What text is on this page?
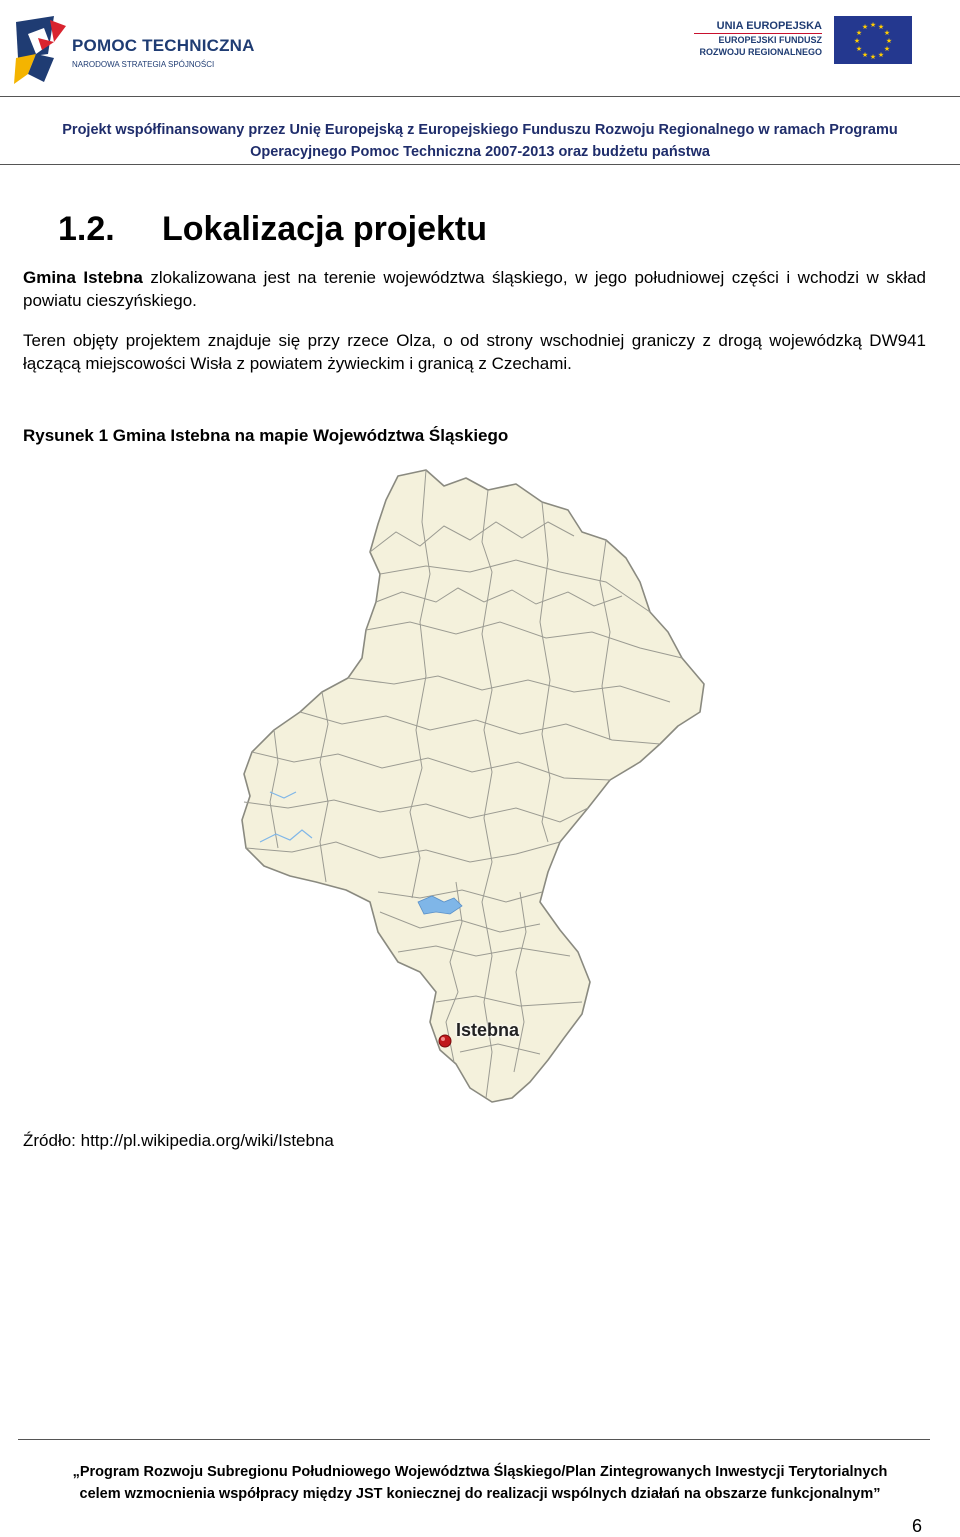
POMOC TECHNICZNA
NARODOWA STRATEGIA SPÓJNOŚCI
UNIA EUROPEJSKA
EUROPEJSKI FUNDUSZ
ROZWOJU REGIONALNEGO
★ ★
★
★
★
★
★
★
★
★
★
★
Projekt współfinansowany przez Unię Europejską z Europejskiego Funduszu Rozwoju Regionalnego w ramach Programu
Operacyjnego Pomoc Techniczna 2007-2013 oraz budżetu państwa
1.2. Lokalizacja projektu
Gmina Istebna zlokalizowana jest na terenie województwa śląskiego, w jego południowej części i wchodzi w skład powiatu cieszyńskiego.
Teren objęty projektem znajduje się przy rzece Olza, o od strony wschodniej graniczy z drogą wojewódzką DW941 łączącą miejscowości Wisła z powiatem żywieckim i granicą z Czechami.
Rysunek 1 Gmina Istebna na mapie Województwa Śląskiego
Istebna
Źródło: http://pl.wikipedia.org/wiki/Istebna
„Program Rozwoju Subregionu Południowego Województwa Śląskiego/Plan Zintegrowanych Inwestycji Terytorialnych
celem wzmocnienia współpracy między JST koniecznej do realizacji wspólnych działań na obszarze funkcjonalnym”
6
